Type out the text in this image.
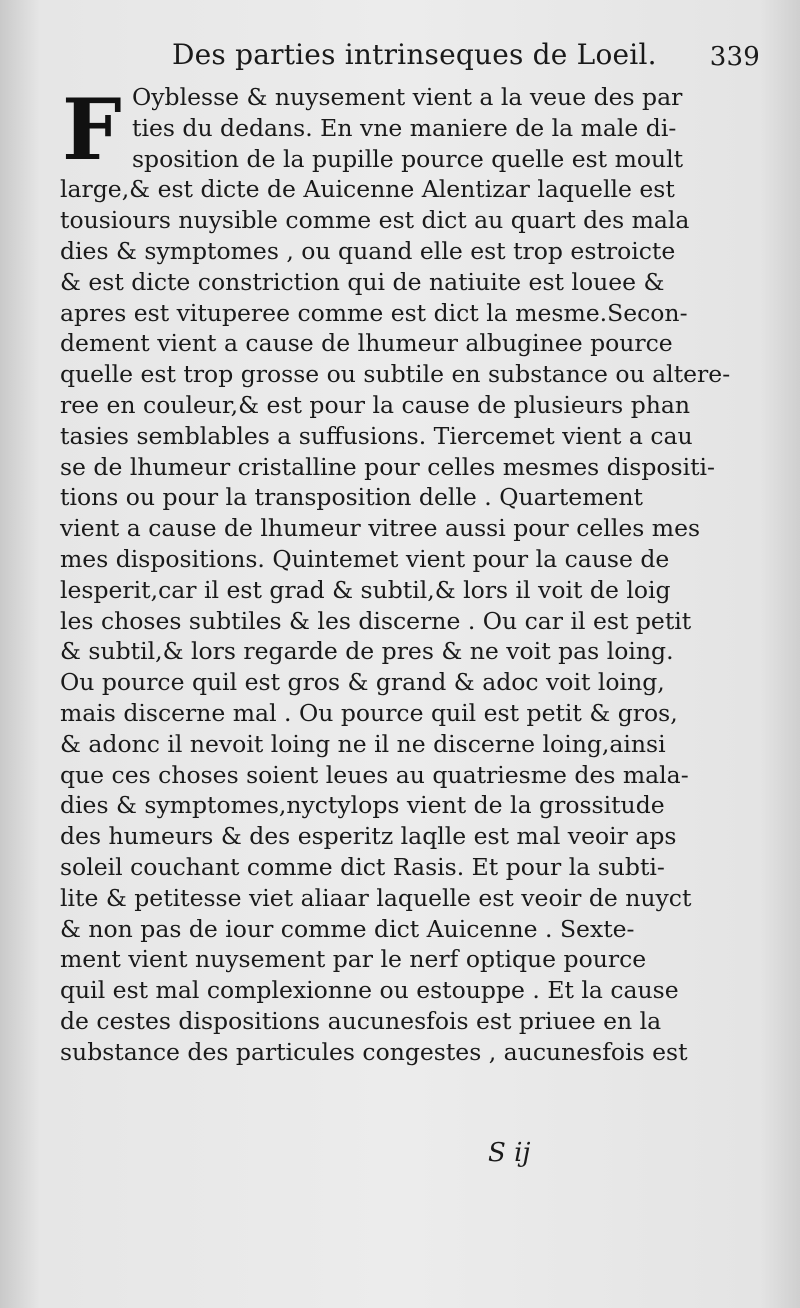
Des parties intrinseques de Loeil. 339
F Oyblesse & nuysement vient a la veue des par
ties du dedans. En vne maniere de la male di-
sposition de la pupille pource quelle est moult
large,& est dicte de Auicenne Alentizar laquelle est
tousiours nuysible comme est dict au quart des mala
dies & symptomes , ou quand elle est trop estroicte
& est dicte constriction qui de natiuite est louee &
apres est vituperee comme est dict la mesme.Secon-
dement vient a cause de lhumeur albuginee pource
quelle est trop grosse ou subtile en substance ou altere-
ree en couleur,& est pour la cause de plusieurs phan
tasies semblables a suffusions. Tiercemet vient a cau
se de lhumeur cristalline pour celles mesmes dispositi-
tions ou pour la transposition delle . Quartement
vient a cause de lhumeur vitree aussi pour celles mes
mes dispositions. Quintemet vient pour la cause de
lesperit,car il est grad & subtil,& lors il voit de loig
les choses subtiles & les discerne . Ou car il est petit
& subtil,& lors regarde de pres & ne voit pas loing.
Ou pource quil est gros & grand & adoc voit loing,
mais discerne mal . Ou pource quil est petit & gros,
& adonc il nevoit loing ne il ne discerne loing,ainsi
que ces choses soient leues au quatriesme des mala-
dies & symptomes,nyctylops vient de la grossitude
des humeurs & des esperitz laqlle est mal veoir aps
soleil couchant comme dict Rasis. Et pour la subti-
lite & petitesse viet aliaar laquelle est veoir de nuyct
& non pas de iour comme dict Auicenne . Sexte-
ment vient nuysement par le nerf optique pource
quil est mal complexionne ou estouppe . Et la cause
de cestes dispositions aucunesfois est priuee en la
substance des particules congestes , aucunesfois est
S ij
